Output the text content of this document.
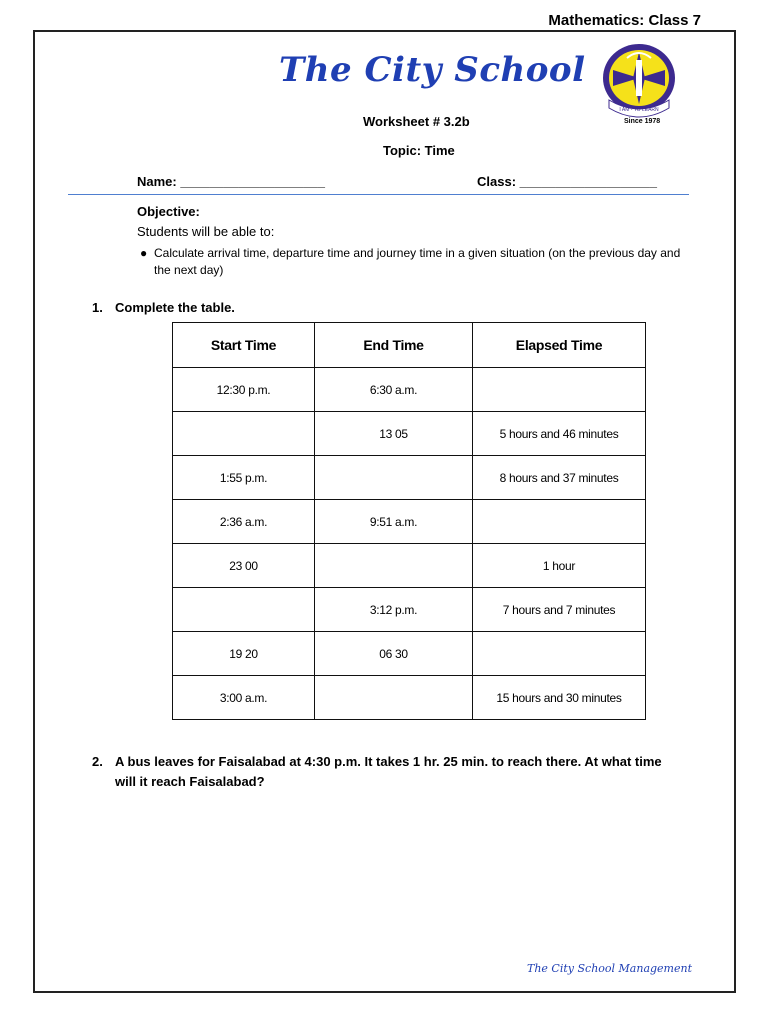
Mathematics: Class 7
The City School
I AM - TO LEARN
Since 1978
Worksheet # 3.2b
Topic: Time
Name: ____________________	Class: ___________________
Objective:
Students will be able to:
● Calculate arrival time, departure time and journey time in a given situation (on the previous day and the next day)
1. Complete the table.
Start Time	End Time	Elapsed Time
12:30 p.m.	6:30 a.m.	
	13 05	5 hours and 46 minutes
1:55 p.m.		8 hours and 37 minutes
2:36 a.m.	9:51 a.m.	
23 00		1 hour
	3:12 p.m.	7 hours and 7 minutes
19 20	06 30	
3:00 a.m.		15 hours and 30 minutes
2. A bus leaves for Faisalabad at 4:30 p.m. It takes 1 hr. 25 min. to reach there. At what time
will it reach Faisalabad?
The City School Management
